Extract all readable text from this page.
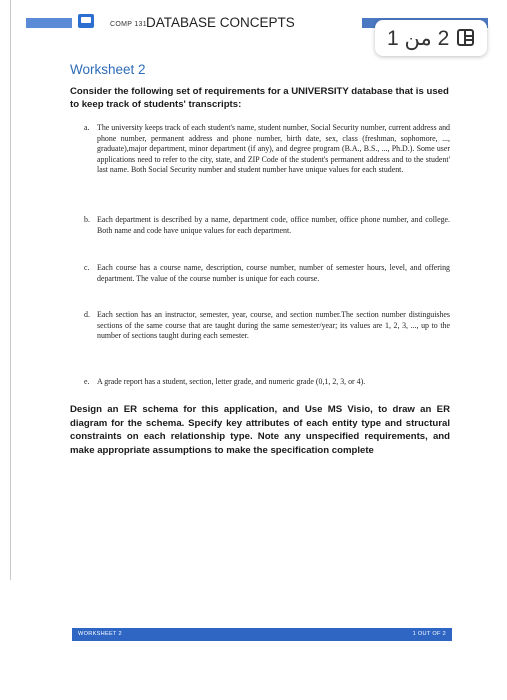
COMP 131 DATABASE CONCEPTS
2 من 1
Worksheet 2
Consider the following set of requirements for a UNIVERSITY database that is used to keep track of students' transcripts:
a. The university keeps track of each student's name, student number, Social Security number, current address and phone number, permanent address and phone number, birth date, sex, class (freshman, sophomore, ..., graduate),major department, minor department (if any), and degree program (B.A., B.S., ..., Ph.D.). Some user applications need to refer to the city, state, and ZIP Code of the student's permanent address and to the student' last name. Both Social Security number and student number have unique values for each student.
b. Each department is described by a name, department code, office number, office phone number, and college. Both name and code have unique values for each department.
c. Each course has a course name, description, course number, number of semester hours, level, and offering department. The value of the course number is unique for each course.
d. Each section has an instructor, semester, year, course, and section number.The section number distinguishes sections of the same course that are taught during the same semester/year; its values are 1, 2, 3, ..., up to the number of sections taught during each semester.
e. A grade report has a student, section, letter grade, and numeric grade (0,1, 2, 3, or 4).
Design an ER schema for this application, and Use MS Visio, to draw an ER diagram for the schema. Specify key attributes of each entity type and structural constraints on each relationship type. Note any unspecified requirements, and make appropriate assumptions to make the specification complete
WORKSHEET 2	1 OUT OF 2
